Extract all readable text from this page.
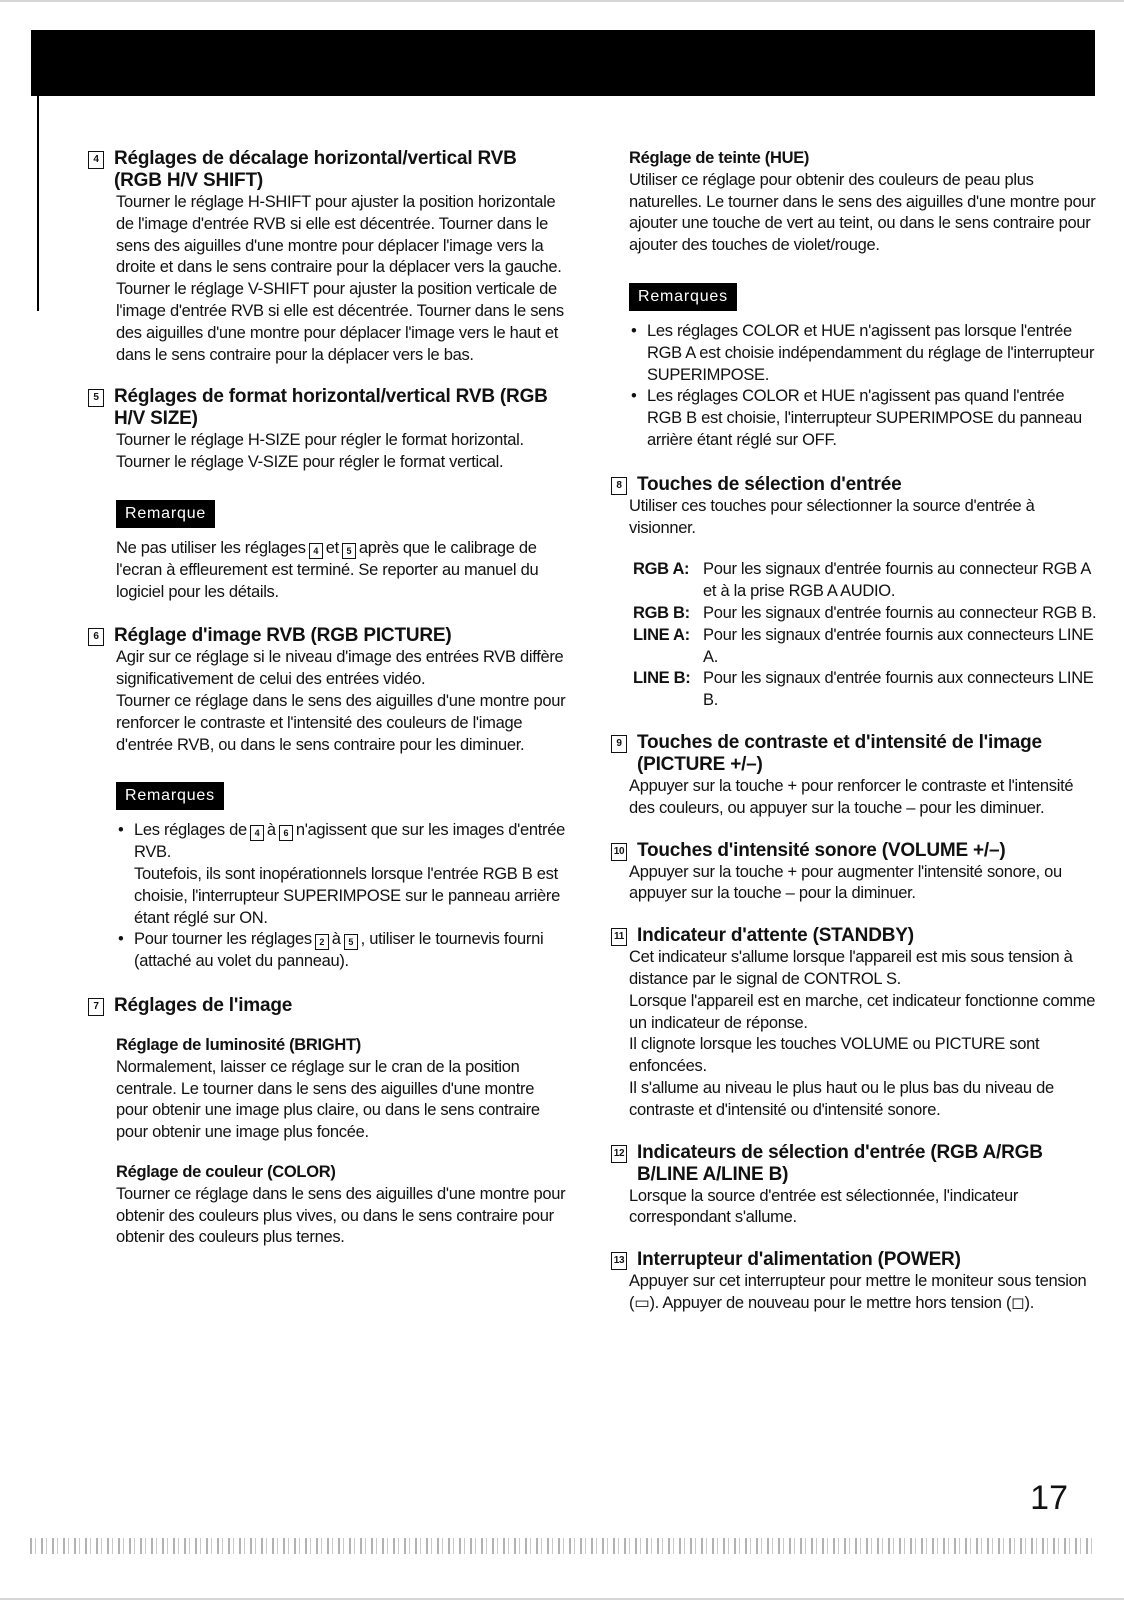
4 Réglages de décalage horizontal/vertical RVB (RGB H/V SHIFT)

Tourner le réglage H-SHIFT pour ajuster la position horizontale de l'image d'entrée RVB si elle est décentrée. Tourner dans le sens des aiguilles d'une montre pour déplacer l'image vers la droite et dans le sens contraire pour la déplacer vers la gauche.

Tourner le réglage V-SHIFT pour ajuster la position verticale de l'image d'entrée RVB si elle est décentrée. Tourner dans le sens des aiguilles d'une montre pour déplacer l'image vers le haut et dans le sens contraire pour la déplacer vers le bas.

5 Réglages de format horizontal/vertical RVB (RGB H/V SIZE)

Tourner le réglage H-SIZE pour régler le format horizontal.

Tourner le réglage V-SIZE pour régler le format vertical.

Remarque

Ne pas utiliser les réglages 4 et 5 après que le calibrage de l'ecran à effleurement est terminé. Se reporter au manuel du logiciel pour les détails.

6 Réglage d'image RVB (RGB PICTURE)

Agir sur ce réglage si le niveau d'image des entrées RVB diffère significativement de celui des entrées vidéo.

Tourner ce réglage dans le sens des aiguilles d'une montre pour renforcer le contraste et l'intensité des couleurs de l'image d'entrée RVB, ou dans le sens contraire pour les diminuer.

Remarques
• Les réglages de 4 à 6 n'agissent que sur les images d'entrée RVB.

Toutefois, ils sont inopérationnels lorsque l'entrée RGB B est choisie, l'interrupteur SUPERIMPOSE sur le panneau arrière étant réglé sur ON.

• Pour tourner les réglages 2 à 5 , utiliser le tournevis fourni (attaché au volet du panneau).
7 Réglages de l'image

Réglage de luminosité (BRIGHT)

Normalement, laisser ce réglage sur le cran de la position centrale. Le tourner dans le sens des aiguilles d'une montre pour obtenir une image plus claire, ou dans le sens contraire pour obtenir une image plus foncée.

Réglage de couleur (COLOR)

Tourner ce réglage dans le sens des aiguilles d'une montre pour obtenir des couleurs plus vives, ou dans le sens contraire pour obtenir des couleurs plus ternes.

Réglage de teinte (HUE)

Utiliser ce réglage pour obtenir des couleurs de peau plus naturelles. Le tourner dans le sens des aiguilles d'une montre pour ajouter une touche de vert au teint, ou dans le sens contraire pour ajouter des touches de violet/rouge.

Remarques
• Les réglages COLOR et HUE n'agissent pas lorsque l'entrée RGB A est choisie indépendamment du réglage de l'interrupteur SUPERIMPOSE.
• Les réglages COLOR et HUE n'agissent pas quand l'entrée RGB B est choisie, l'interrupteur SUPERIMPOSE du panneau arrière étant réglé sur OFF.
8 Touches de sélection d'entrée

Utiliser ces touches pour sélectionner la source d'entrée à visionner.

RGB A: Pour les signaux d'entrée fournis au connecteur RGB A et à la prise RGB A AUDIO.
RGB B: Pour les signaux d'entrée fournis au connecteur RGB B.
LINE A: Pour les signaux d'entrée fournis aux connecteurs LINE A.
LINE B: Pour les signaux d'entrée fournis aux connecteurs LINE B.
9 Touches de contraste et d'intensité de l'image (PICTURE +/–)

Appuyer sur la touche + pour renforcer le contraste et l'intensité des couleurs, ou appuyer sur la touche – pour les diminuer.

10 Touches d'intensité sonore (VOLUME +/–)

Appuyer sur la touche + pour augmenter l'intensité sonore, ou appuyer sur la touche – pour la diminuer.

11 Indicateur d'attente (STANDBY)

Cet indicateur s'allume lorsque l'appareil est mis sous tension à distance par le signal de CONTROL S.

Lorsque l'appareil est en marche, cet indicateur fonctionne comme un indicateur de réponse.

Il clignote lorsque les touches VOLUME ou PICTURE sont enfoncées.

Il s'allume au niveau le plus haut ou le plus bas du niveau de contraste et d'intensité ou d'intensité sonore.

12 Indicateurs de sélection d'entrée (RGB A/RGB B/LINE A/LINE B)

Lorsque la source d'entrée est sélectionnée, l'indicateur correspondant s'allume.

13 Interrupteur d'alimentation (POWER)

Appuyer sur cet interrupteur pour mettre le moniteur sous tension (▭). Appuyer de nouveau pour le mettre hors tension (◻).

17
